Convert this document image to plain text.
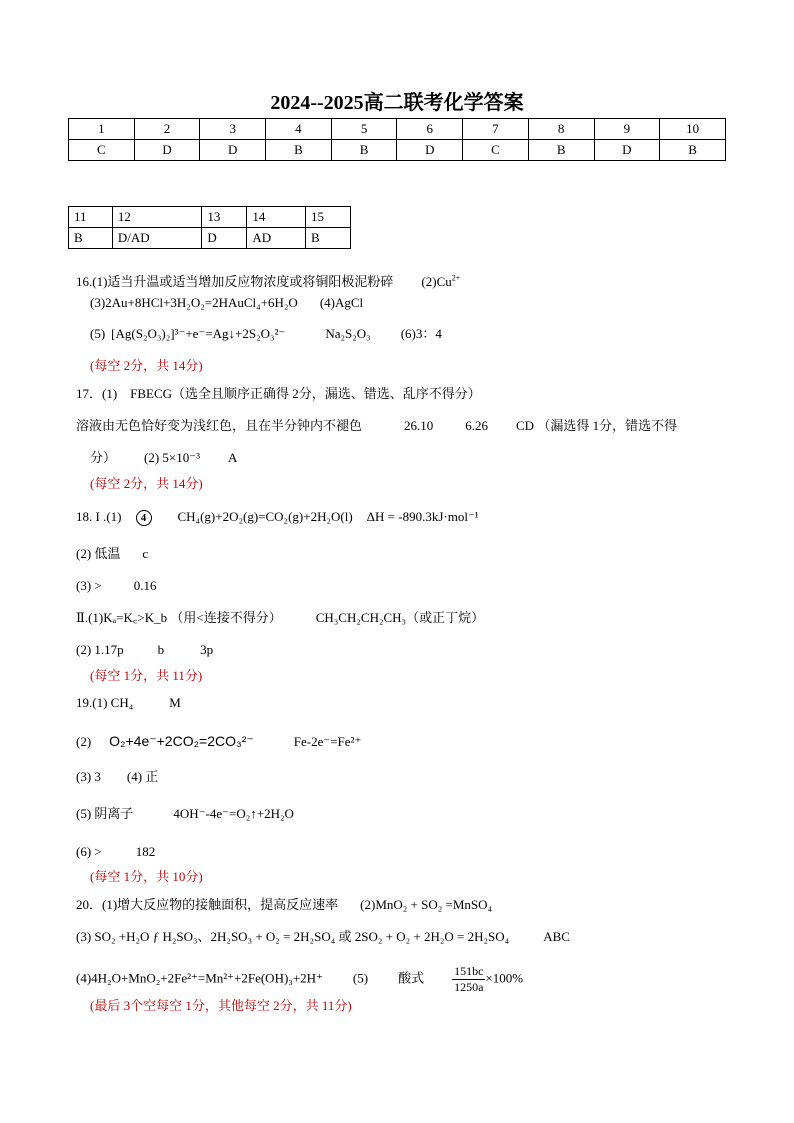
2024--2025高二联考化学答案
1	2	3	4	5	6	7	8	9	10
C	D	D	B	B	D	C	B	D	B
11	12	13	14	15
B	D/AD	D	AD	B
16.(1)适当升温或适当增加反应物浓度或将铜阳极泥粉碎 $(2)Cu^{2+}$
(3)2Au+8HCl+3H₂O₂=2HAuCl₄+6H₂O (4)AgCl
(5) [Ag(S₂O₃)₂]³⁻+e⁻=Ag↓+2S₂O₃²⁻	Na₂S₂O₃ (6)3：4
(每空 2分，共 14分)
17．(1)　FBECG（选全且顺序正确得 2分，漏选、错选、乱序不得分）
溶液由无色恰好变为浅红色，且在半分钟内不褪色	26.10 6.26 CD （漏选得 1分，错选不得
分） (2) 5×10⁻³ A
(每空 2分，共 14分)
18. I .(1) 4 CH₄(g)+2O₂(g)=CO₂(g)+2H₂O(l) ΔH = -890.3kJ·mol⁻¹
(2) 低温 c
(3) > 0.16
Ⅱ.(1)Kₐ=K꜀>K_b （用<连接不得分）	CH₃CH₂CH₂CH₃（或正丁烷）
(2) 1.17p	b	3p
(每空 1分，共 11分)
19.(1) CH₄	M
(2) O₂+4e⁻+2CO₂=2CO₃²⁻	Fe-2e⁻=Fe²⁺
(3) 3 (4) 正
(5) 阴离子	4OH⁻-4e⁻=O₂↑+2H₂O
(6) >	182
(每空 1分，共 10分)
20．(1)增大反应物的接触面积，提高反应速率 (2)MnO₂ + SO₂ =MnSO₄
(3) SO₂ +H₂O ƒ H₂SO₃、2H₂SO₃ + O₂ = 2H₂SO₄ 或 2SO₂ + O₂ + 2H₂O = 2H₂SO₄	ABC
(4)4H₂O+MnO₂+2Fe²⁺=Mn²⁺+2Fe(OH)₃+2H⁺ (5) 酸式 $\frac{151bc}{1250a} \times 100\%$
(最后 3个空每空 1分，其他每空 2分，共 11分)
